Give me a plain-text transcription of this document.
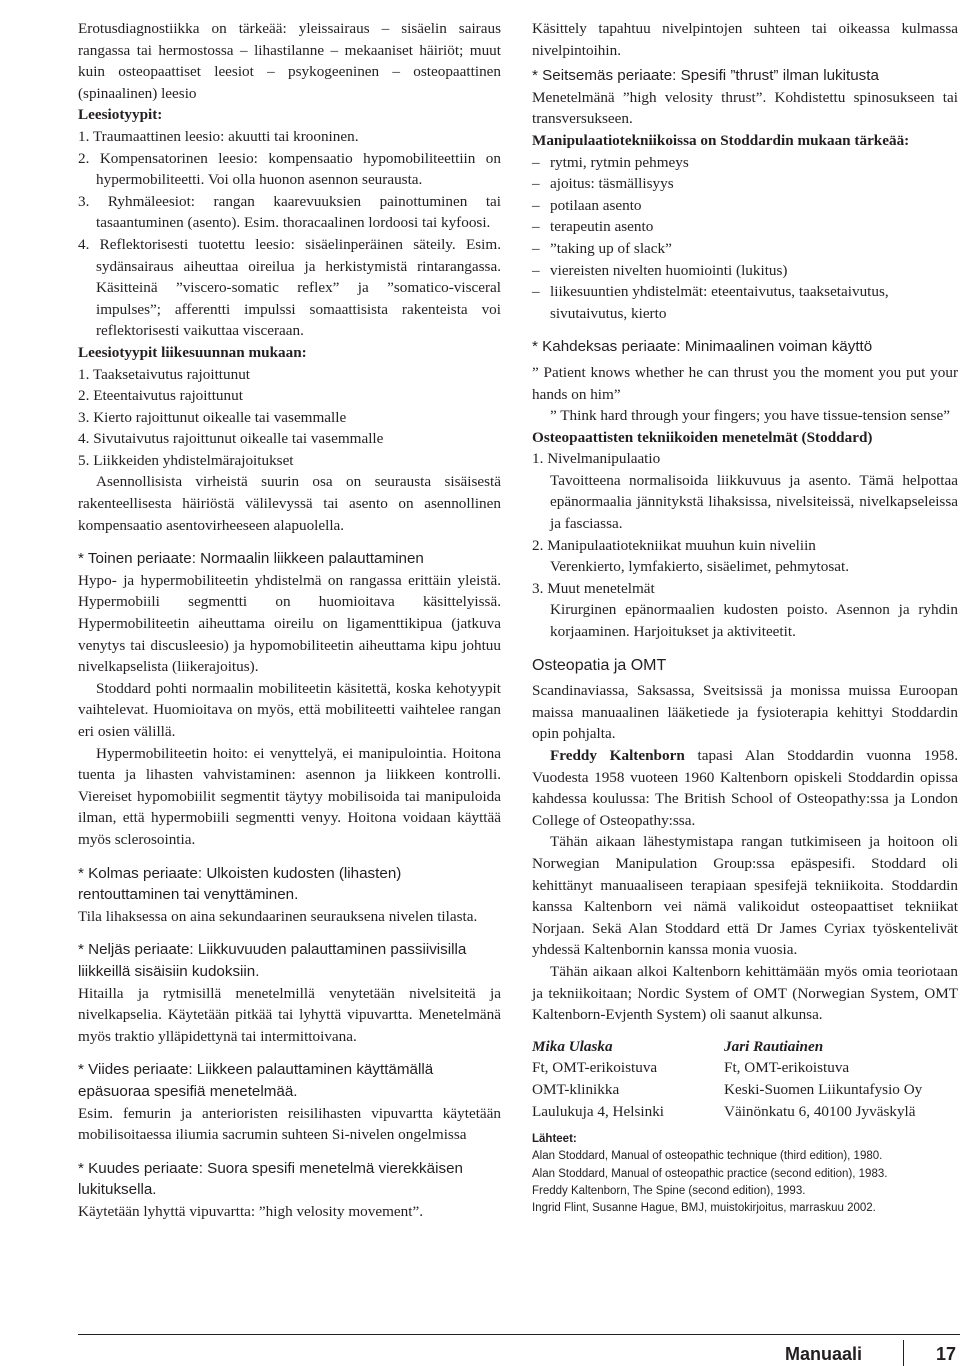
Erotusdiagnostiikka on tärkeää: yleissairaus – sisäelin sairaus rangassa tai hermostossa – lihastilanne – mekaaniset häiriöt; muut kuin osteopaattiset leesiot – psykogeeninen – osteopaattinen (spinaalinen) leesio

Leesiotyypit:

1. Traumaattinen leesio: akuutti tai krooninen.

2. Kompensatorinen leesio: kompensaatio hypomobiliteettiin on hypermobiliteetti. Voi olla huonon asennon seurausta.

3. Ryhmäleesiot: rangan kaarevuuksien painottuminen tai tasaantuminen (asento). Esim. thoracaalinen lordoosi tai kyfoosi.

4. Reflektorisesti tuotettu leesio: sisäelinperäinen säteily. Esim. sydänsairaus aiheuttaa oireilua ja herkistymistä rintarangassa. Käsitteinä ”viscero-somatic reflex” ja ”somatico-visceral impulses”; afferentti impulssi somaattisista rakenteista voi reflektorisesti vaikuttaa visceraan.

Leesiotyypit liikesuunnan mukaan:

1. Taaksetaivutus rajoittunut

2. Eteentaivutus rajoittunut

3. Kierto rajoittunut oikealle tai vasemmalle

4. Sivutaivutus rajoittunut oikealle tai vasemmalle

5. Liikkeiden yhdistelmärajoitukset

Asennollisista virheistä suurin osa on seurausta sisäisestä rakenteellisesta häiriöstä välilevyssä tai asento on asennollinen kompensaatio asentovirheeseen alapuolella.

* Toinen periaate: Normaalin liikkeen palauttaminen

Hypo- ja hypermobiliteetin yhdistelmä on rangassa erittäin yleistä. Hypermobiili segmentti on huomioitava käsittelyissä. Hypermobiliteetin aiheuttama oireilu on ligamenttikipua (jatkuva venytys tai discusleesio) ja hypomobiliteetin aiheuttama kipu johtuu nivelkapselista (liikerajoitus).

Stoddard pohti normaalin mobiliteetin käsitettä, koska kehotyypit vaihtelevat. Huomioitava on myös, että mobiliteetti vaihtelee rangan eri osien välillä.

Hypermobiliteetin hoito: ei venyttelyä, ei manipulointia. Hoitona tuenta ja lihasten vahvistaminen: asennon ja liikkeen kontrolli. Viereiset hypomobiilit segmentit täytyy mobilisoida tai manipuloida ilman, että hypermobiili segmentti venyy. Hoitona voidaan käyttää myös sclerosointia.

* Kolmas periaate: Ulkoisten kudosten (lihasten) rentouttaminen tai venyttäminen.

Tila lihaksessa on aina sekundaarinen seurauksena nivelen tilasta.

* Neljäs periaate: Liikkuvuuden palauttaminen passiivisilla liikkeillä sisäisiin kudoksiin.

Hitailla ja rytmisillä menetelmillä venytetään nivelsiteitä ja nivelkapselia. Käytetään pitkää tai lyhyttä vipuvarttа. Menetelmänä myös traktio ylläpidettynä tai intermittoivana.

* Viides periaate: Liikkeen palauttaminen käyttämällä epäsuoraa spesifiä menetelmää.

Esim. femurin ja anterioristen reisilihasten vipuvartta käytetään mobilisoitaessa iliumia sacrumin suhteen Si-nivelen ongelmissa

* Kuudes periaate: Suora spesifi menetelmä vierekkäisen lukituksella.

Käytetään lyhyttä vipuvartta: ”high velosity movement”.

Käsittely tapahtuu nivelpintojen suhteen tai oikeassa kulmassa nivelpintoihin.

* Seitsemäs periaate: Spesifi ”thrust” ilman lukitusta

Menetelmänä ”high velosity thrust”. Kohdistettu spinosukseen tai transversukseen.

Manipulaatiotekniikoissa on Stoddardin mukaan tärkeää:

– rytmi, rytmin pehmeys

– ajoitus: täsmällisyys

– potilaan asento

– terapeutin asento

– ”taking up of slack”

– viereisten nivelten huomiointi (lukitus)

– liikesuuntien yhdistelmät: eteentaivutus, taaksetaivutus, sivutaivutus, kierto

* Kahdeksas periaate: Minimaalinen voiman käyttö

” Patient knows whether he can thrust you the moment you put your hands on him”

” Think hard through your fingers; you have tissue-tension sense”

Osteopaattisten tekniikoiden menetelmät (Stoddard)

1. Nivelmanipulaatio

Tavoitteena normalisoida liikkuvuus ja asento. Tämä helpottaa epänormaalia jännitykstä lihaksissa, nivelsiteissä, nivelkapseleissa ja fasciassa.

2. Manipulaatiotekniikat muuhun kuin niveliin

Verenkierto, lymfakierto, sisäelimet, pehmytosat.

3. Muut menetelmät

Kirurginen epänormaalien kudosten poisto. Asennon ja ryhdin korjaaminen. Harjoitukset ja aktiviteetit.

Osteopatia ja OMT

Scandinaviassa, Saksassa, Sveitsissä ja monissa muissa Euroopan maissa manuaalinen lääketiede ja fysioterapia kehittyi Stoddardin opin pohjalta.

Freddy Kaltenborn tapasi Alan Stoddardin vuonna 1958. Vuodesta 1958 vuoteen 1960 Kaltenborn opiskeli Stoddardin opissa kahdessa koulussa: The British School of Osteopathy:ssa ja London College of Osteopathy:ssa.

Tähän aikaan lähestymistapa rangan tutkimiseen ja hoitoon oli Norwegian Manipulation Group:ssa epäspesifi. Stoddard oli kehittänyt manuaaliseen terapiaan spesifejä tekniikoita. Stoddardin kanssa Kaltenborn vei nämä valikoidut osteopaattiset tekniikat Norjaan. Sekä Alan Stoddard että Dr James Cyriax työskentelivät yhdessä Kaltenbornin kanssa monia vuosia.

Tähän aikaan alkoi Kaltenborn kehittämään myös omia teoriotaan ja tekniikoitaan; Nordic System of OMT (Norwegian System, OMT Kaltenborn-Evjenth System) oli saanut alkunsa.

Mika Ulaska
Ft, OMT-erikoistuva
OMT-klinikka
Laulukuja 4, Helsinki
Jari Rautiainen
Ft, OMT-erikoistuva
Keski-Suomen Liikuntafysio Oy
Väinönkatu 6, 40100 Jyväskylä
Lähteet:
Alan Stoddard, Manual of osteopathic technique (third edition), 1980.
Alan Stoddard, Manual of osteopathic practice (second edition), 1983.
Freddy Kaltenborn, The Spine (second edition), 1993.
Ingrid Flint, Susanne Hague, BMJ, muistokirjoitus, marraskuu 2002.
Manuaali	17
